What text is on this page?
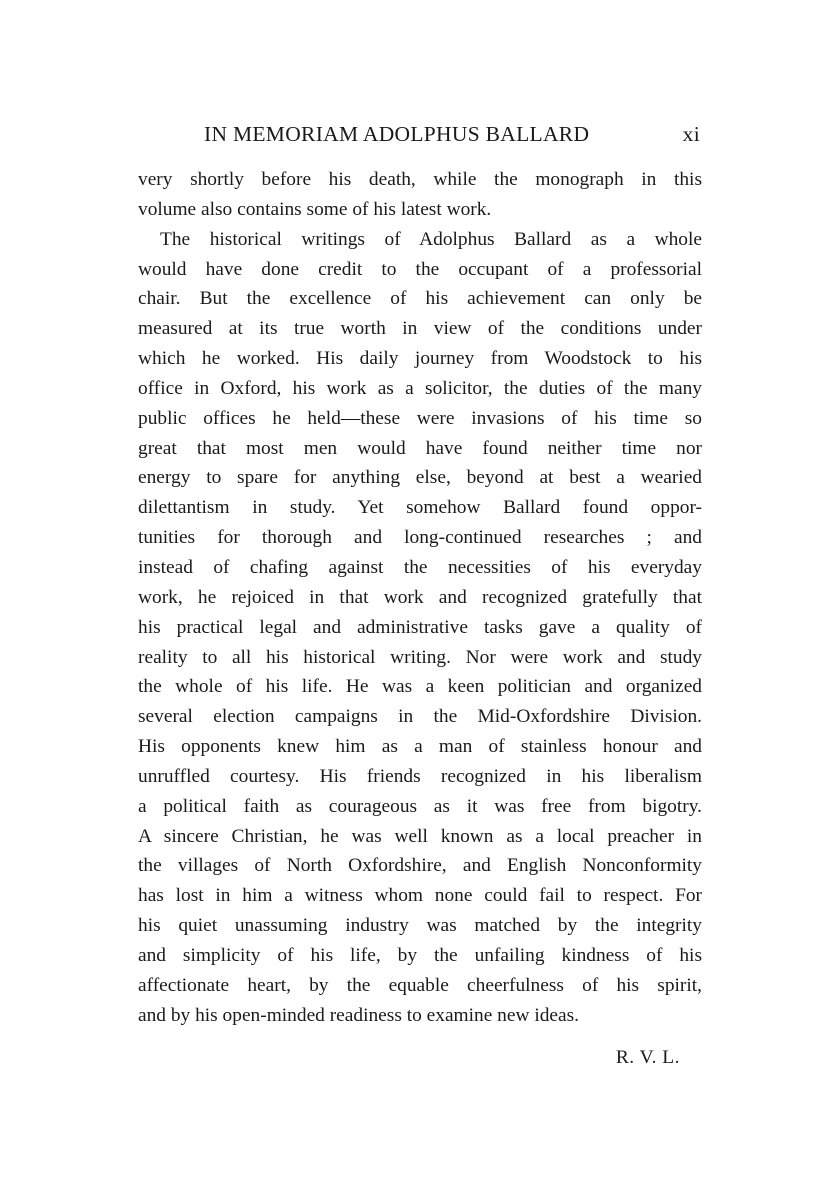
IN MEMORIAM ADOLPHUS BALLARD	xi
very shortly before his death, while the monograph in this
volume also contains some of his latest work.
The historical writings of Adolphus Ballard as a whole
would have done credit to the occupant of a professorial
chair. But the excellence of his achievement can only be
measured at its true worth in view of the conditions under
which he worked. His daily journey from Woodstock to his
office in Oxford, his work as a solicitor, the duties of the many
public offices he held—these were invasions of his time so
great that most men would have found neither time nor
energy to spare for anything else, beyond at best a wearied
dilettantism in study. Yet somehow Ballard found oppor-
tunities for thorough and long-continued researches ; and
instead of chafing against the necessities of his everyday
work, he rejoiced in that work and recognized gratefully that
his practical legal and administrative tasks gave a quality of
reality to all his historical writing. Nor were work and study
the whole of his life. He was a keen politician and organized
several election campaigns in the Mid-Oxfordshire Division.
His opponents knew him as a man of stainless honour and
unruffled courtesy. His friends recognized in his liberalism
a political faith as courageous as it was free from bigotry.
A sincere Christian, he was well known as a local preacher in
the villages of North Oxfordshire, and English Nonconformity
has lost in him a witness whom none could fail to respect. For
his quiet unassuming industry was matched by the integrity
and simplicity of his life, by the unfailing kindness of his
affectionate heart, by the equable cheerfulness of his spirit,
and by his open-minded readiness to examine new ideas.
R. V. L.
